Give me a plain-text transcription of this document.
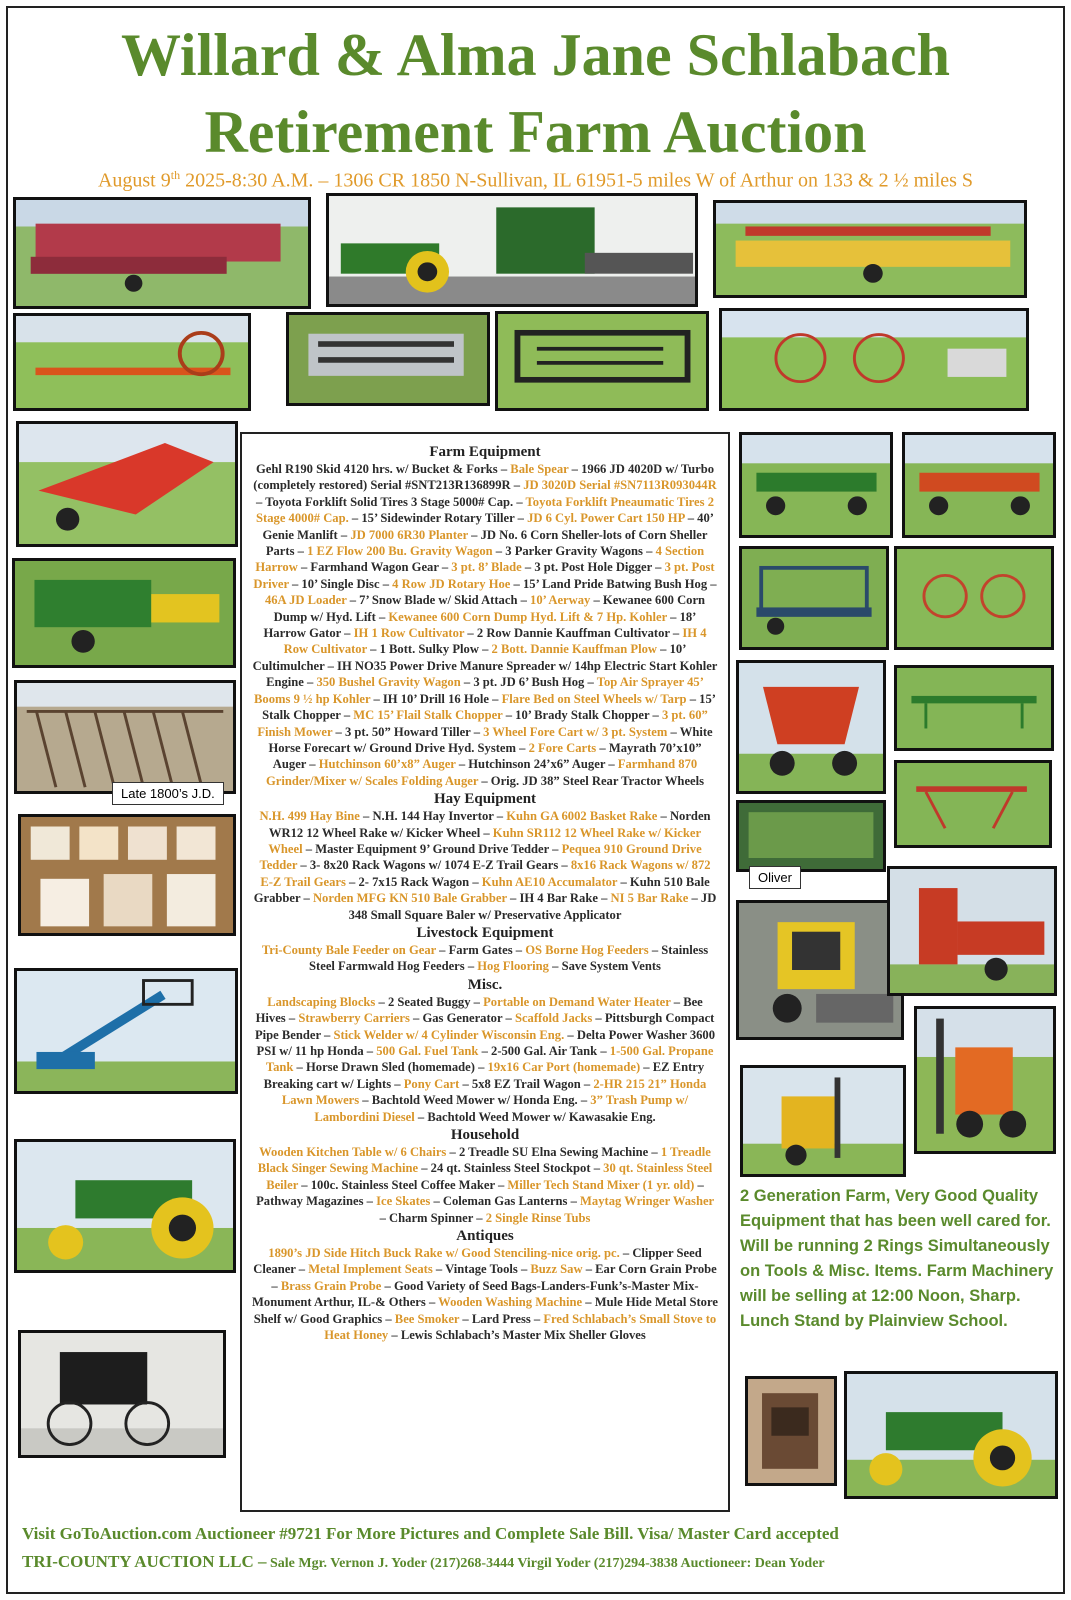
Willard & Alma Jane Schlabach
Retirement Farm Auction
August 9th 2025-8:30 A.M. – 1306 CR 1850 N-Sullivan, IL 61951-5 miles W of Arthur on 133 & 2 ½ miles S
Late 1800’s J.D.
Oliver
Farm Equipment
Gehl R190 Skid 4120 hrs. w/ Bucket & Forks – Bale Spear – 1966 JD 4020D w/ Turbo (completely restored) Serial #SNT213R136899R – JD 3020D Serial #SN7113R093044R – Toyota Forklift Solid Tires 3 Stage 5000# Cap. – Toyota Forklift Pneaumatic Tires 2 Stage 4000# Cap. – 15’ Sidewinder Rotary Tiller – JD 6 Cyl. Power Cart 150 HP – 40’ Genie Manlift – JD 7000 6R30 Planter – JD No. 6 Corn Sheller-lots of Corn Sheller Parts – 1 EZ Flow 200 Bu. Gravity Wagon – 3 Parker Gravity Wagons – 4 Section Harrow – Farmhand Wagon Gear – 3 pt. 8’ Blade – 3 pt. Post Hole Digger – 3 pt. Post Driver – 10’ Single Disc – 4 Row JD Rotary Hoe – 15’ Land Pride Batwing Bush Hog – 46A JD Loader – 7’ Snow Blade w/ Skid Attach – 10’ Aerway – Kewanee 600 Corn Dump w/ Hyd. Lift – Kewanee 600 Corn Dump Hyd. Lift & 7 Hp. Kohler – 18’ Harrow Gator – IH 1 Row Cultivator – 2 Row Dannie Kauffman Cultivator – IH 4 Row Cultivator – 1 Bott. Sulky Plow – 2 Bott. Dannie Kauffman Plow – 10’ Cultimulcher – IH NO35 Power Drive Manure Spreader w/ 14hp Electric Start Kohler Engine – 350 Bushel Gravity Wagon – 3 pt. JD 6’ Bush Hog – Top Air Sprayer 45’ Booms 9 ½ hp Kohler – IH 10’ Drill 16 Hole – Flare Bed on Steel Wheels w/ Tarp – 15’ Stalk Chopper – MC 15’ Flail Stalk Chopper – 10’ Brady Stalk Chopper – 3 pt. 60” Finish Mower – 3 pt. 50” Howard Tiller – 3 Wheel Fore Cart w/ 3 pt. System – White Horse Forecart w/ Ground Drive Hyd. System – 2 Fore Carts – Mayrath 70’x10” Auger – Hutchinson 60’x8” Auger – Hutchinson 24’x6” Auger – Farmhand 870 Grinder/Mixer w/ Scales Folding Auger – Orig. JD 38” Steel Rear Tractor Wheels
Hay Equipment
N.H. 499 Hay Bine – N.H. 144 Hay Invertor – Kuhn GA 6002 Basket Rake – Norden WR12 12 Wheel Rake w/ Kicker Wheel – Kuhn SR112 12 Wheel Rake w/ Kicker Wheel – Master Equipment 9’ Ground Drive Tedder – Pequea 910 Ground Drive Tedder – 3- 8x20 Rack Wagons w/ 1074 E-Z Trail Gears – 8x16 Rack Wagons w/ 872 E-Z Trail Gears – 2- 7x15 Rack Wagon – Kuhn AE10 Accumalator – Kuhn 510 Bale Grabber – Norden MFG KN 510 Bale Grabber – IH 4 Bar Rake – NI 5 Bar Rake – JD 348 Small Square Baler w/ Preservative Applicator
Livestock Equipment
Tri-County Bale Feeder on Gear – Farm Gates – OS Borne Hog Feeders – Stainless Steel Farmwald Hog Feeders – Hog Flooring – Save System Vents
Misc.
Landscaping Blocks – 2 Seated Buggy – Portable on Demand Water Heater – Bee Hives – Strawberry Carriers – Gas Generator – Scaffold Jacks – Pittsburgh Compact Pipe Bender – Stick Welder w/ 4 Cylinder Wisconsin Eng. – Delta Power Washer 3600 PSI w/ 11 hp Honda – 500 Gal. Fuel Tank – 2-500 Gal. Air Tank – 1-500 Gal. Propane Tank – Horse Drawn Sled (homemade) – 19x16 Car Port (homemade) – EZ Entry Breaking cart w/ Lights – Pony Cart – 5x8 EZ Trail Wagon – 2-HR 215 21” Honda Lawn Mowers – Bachtold Weed Mower w/ Honda Eng. – 3” Trash Pump w/ Lambordini Diesel – Bachtold Weed Mower w/ Kawasakie Eng.
Household
Wooden Kitchen Table w/ 6 Chairs – 2 Treadle SU Elna Sewing Machine – 1 Treadle Black Singer Sewing Machine – 24 qt. Stainless Steel Stockpot – 30 qt. Stainless Steel Beiler – 100c. Stainless Steel Coffee Maker – Miller Tech Stand Mixer (1 yr. old) – Pathway Magazines – Ice Skates – Coleman Gas Lanterns – Maytag Wringer Washer – Charm Spinner – 2 Single Rinse Tubs
Antiques
1890’s JD Side Hitch Buck Rake w/ Good Stenciling-nice orig. pc. – Clipper Seed Cleaner – Metal Implement Seats – Vintage Tools – Buzz Saw – Ear Corn Grain Probe – Brass Grain Probe – Good Variety of Seed Bags-Landers-Funk’s-Master Mix-Monument Arthur, IL-& Others – Wooden Washing Machine – Mule Hide Metal Store Shelf w/ Good Graphics – Bee Smoker – Lard Press – Fred Schlabach’s Small Stove to Heat Honey – Lewis Schlabach’s Master Mix Sheller Gloves
2 Generation Farm, Very Good Quality Equipment that has been well cared for. Will be running 2 Rings Simultaneously on Tools & Misc. Items. Farm Machinery will be selling at 12:00 Noon, Sharp. Lunch Stand by Plainview School.
Visit GoToAuction.com Auctioneer #9721 For More Pictures and Complete Sale Bill. Visa/ Master Card accepted
TRI-COUNTY AUCTION LLC – Sale Mgr. Vernon J. Yoder (217)268-3444 Virgil Yoder (217)294-3838 Auctioneer: Dean Yoder
